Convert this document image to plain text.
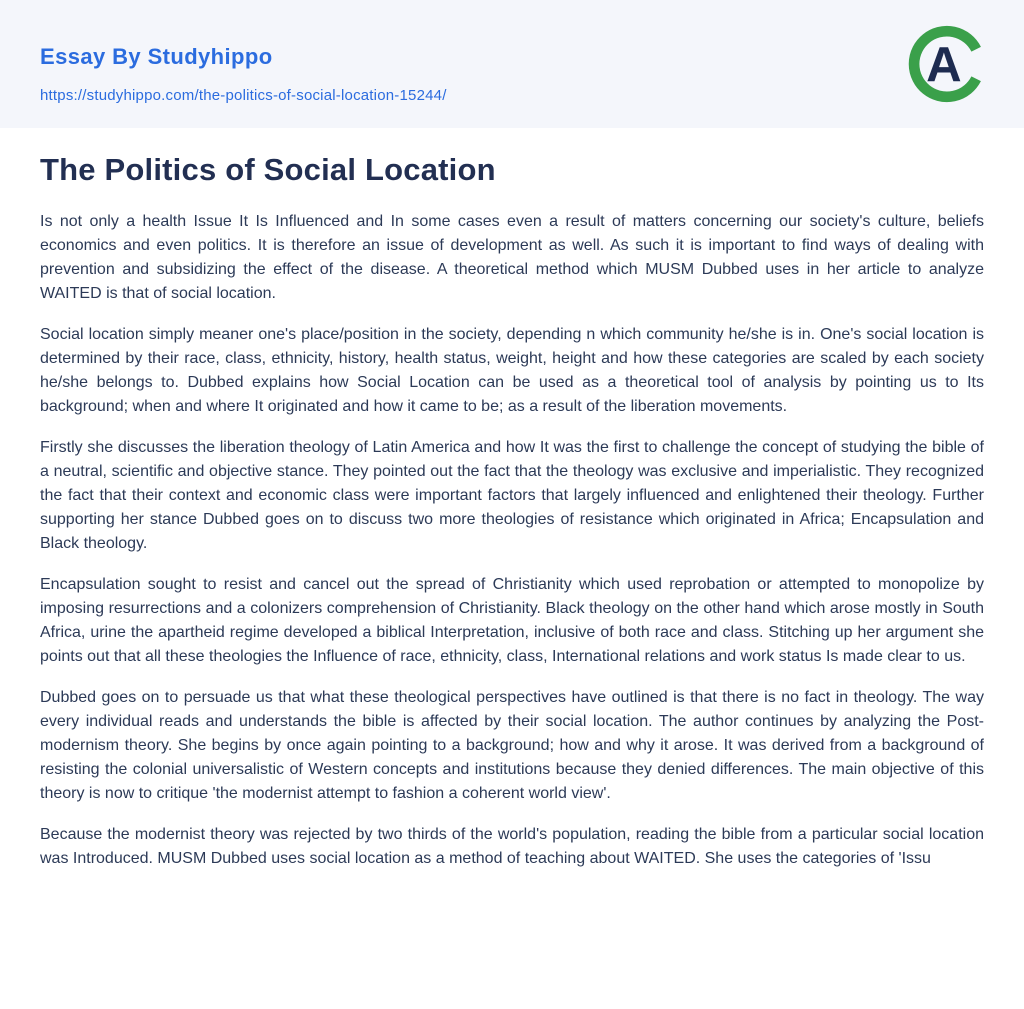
Essay By Studyhippo
https://studyhippo.com/the-politics-of-social-location-15244/
A
The Politics of Social Location

Is not only a health Issue It Is Influenced and In some cases even a result of matters concerning our society's culture, beliefs economics and even politics. It is therefore an issue of development as well. As such it is important to find ways of dealing with prevention and subsidizing the effect of the disease. A theoretical method which MUSM Dubbed uses in her article to analyze WAITED is that of social location.

Social location simply meaner one's place/position in the society, depending n which community he/she is in. One's social location is determined by their race, class, ethnicity, history, health status, weight, height and how these categories are scaled by each society he/she belongs to. Dubbed explains how Social Location can be used as a theoretical tool of analysis by pointing us to Its background; when and where It originated and how it came to be; as a result of the liberation movements.

Firstly she discusses the liberation theology of Latin America and how It was the first to challenge the concept of studying the bible of a neutral, scientific and objective stance. They pointed out the fact that the theology was exclusive and imperialistic. They recognized the fact that their context and economic class were important factors that largely influenced and enlightened their theology. Further supporting her stance Dubbed goes on to discuss two more theologies of resistance which originated in Africa; Encapsulation and Black theology.

Encapsulation sought to resist and cancel out the spread of Christianity which used reprobation or attempted to monopolize by imposing resurrections and a colonizers comprehension of Christianity. Black theology on the other hand which arose mostly in South Africa, urine the apartheid regime developed a biblical Interpretation, inclusive of both race and class. Stitching up her argument she points out that all these theologies the Influence of race, ethnicity, class, International relations and work status Is made clear to us.

Dubbed goes on to persuade us that what these theological perspectives have outlined is that there is no fact in theology. The way every individual reads and understands the bible is affected by their social location. The author continues by analyzing the Post-modernism theory. She begins by once again pointing to a background; how and why it arose. It was derived from a background of resisting the colonial universalistic of Western concepts and institutions because they denied differences. The main objective of this theory is now to critique 'the modernist attempt to fashion a coherent world view'.

Because the modernist theory was rejected by two thirds of the world's population, reading the bible from a particular social location was Introduced. MUSM Dubbed uses social location as a method of teaching about WAITED. She uses the categories of 'Issu
